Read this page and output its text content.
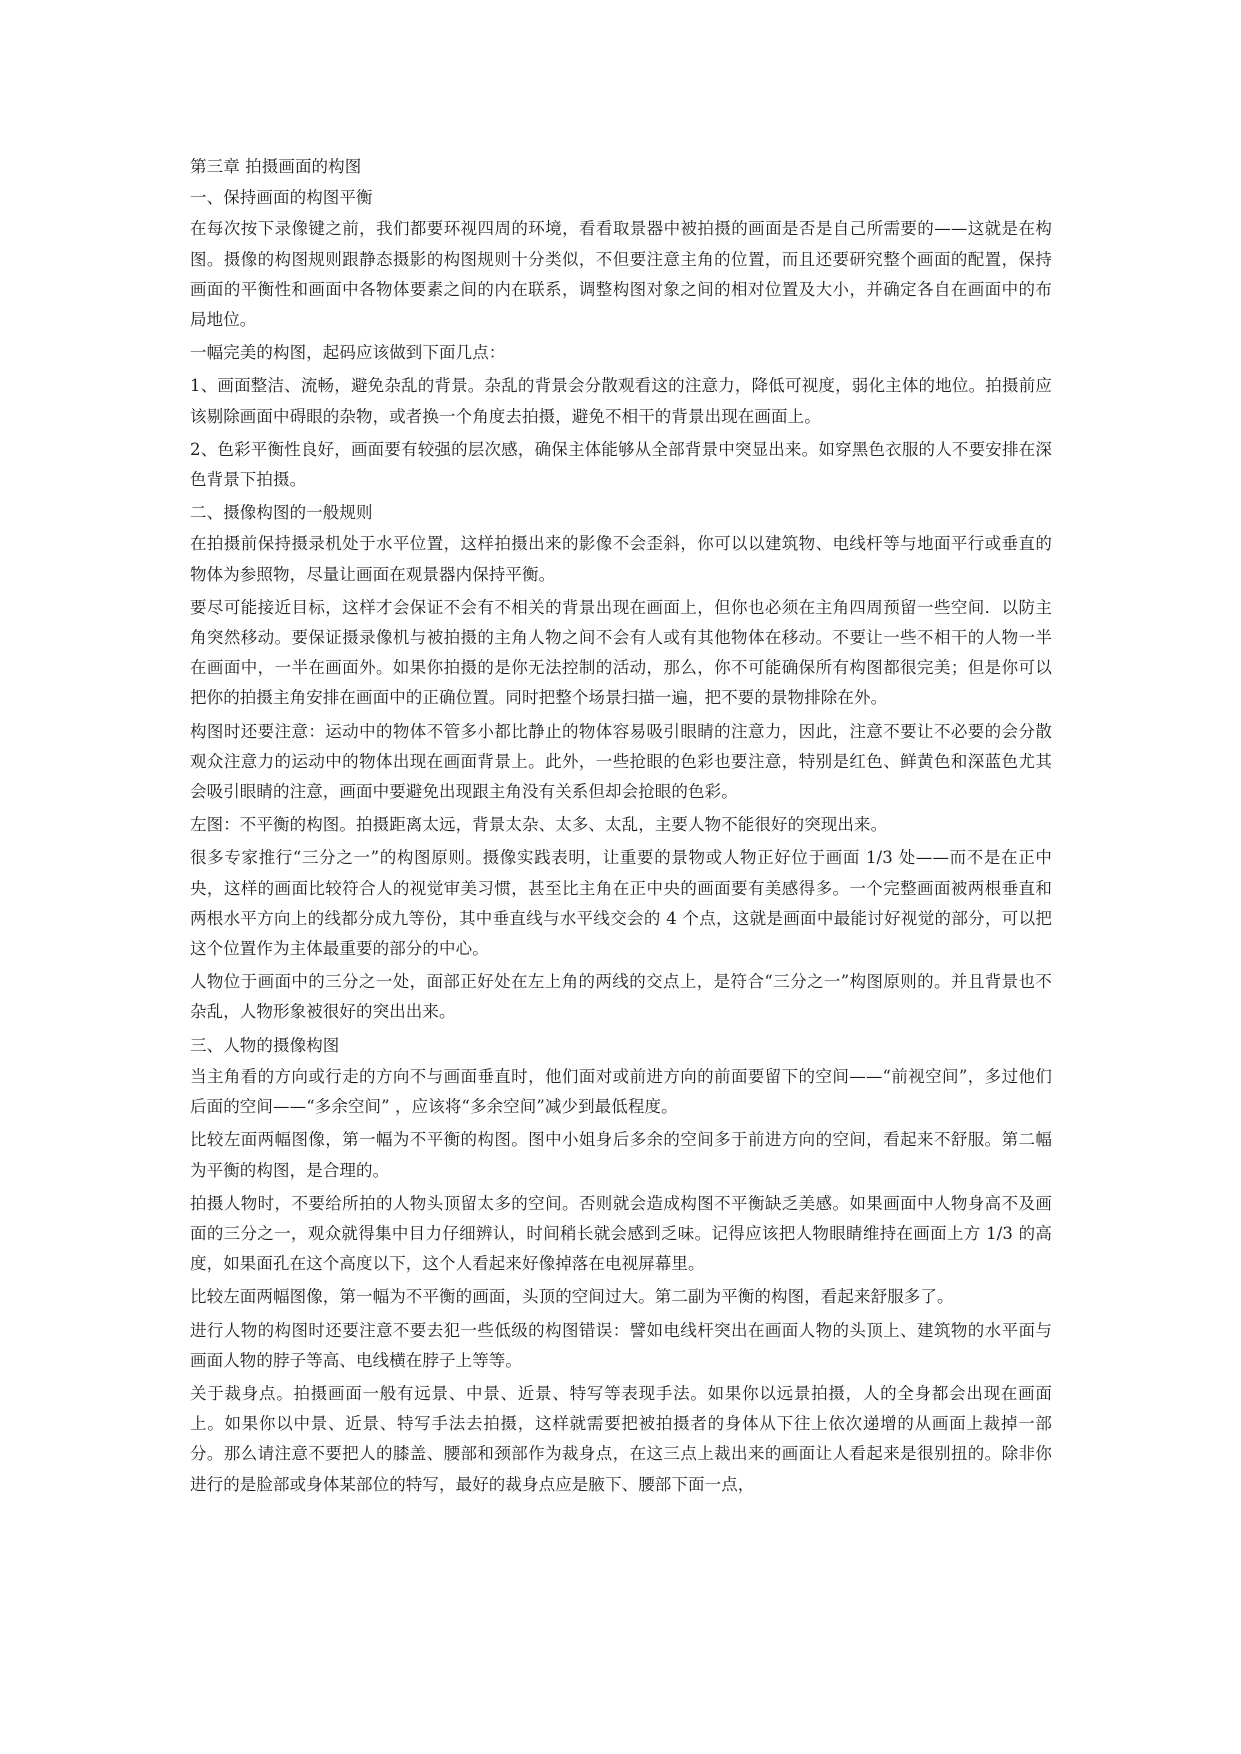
第三章 拍摄画面的构图

一、保持画面的构图平衡

在每次按下录像键之前，我们都要环视四周的环境，看看取景器中被拍摄的画面是否是自己所需要的——这就是在构图。摄像的构图规则跟静态摄影的构图规则十分类似，不但要注意主角的位置，而且还要研究整个画面的配置，保持画面的平衡性和画面中各物体要素之间的内在联系，调整构图对象之间的相对位置及大小，并确定各自在画面中的布局地位。

一幅完美的构图，起码应该做到下面几点：

1、画面整洁、流畅，避免杂乱的背景。杂乱的背景会分散观看这的注意力，降低可视度，弱化主体的地位。拍摄前应该剔除画面中碍眼的杂物，或者换一个角度去拍摄，避免不相干的背景出现在画面上。

2、色彩平衡性良好，画面要有较强的层次感，确保主体能够从全部背景中突显出来。如穿黑色衣服的人不要安排在深色背景下拍摄。

二、摄像构图的一般规则

在拍摄前保持摄录机处于水平位置，这样拍摄出来的影像不会歪斜，你可以以建筑物、电线杆等与地面平行或垂直的物体为参照物，尽量让画面在观景器内保持平衡。

要尽可能接近目标，这样才会保证不会有不相关的背景出现在画面上，但你也必须在主角四周预留一些空间．以防主角突然移动。要保证摄录像机与被拍摄的主角人物之间不会有人或有其他物体在移动。不要让一些不相干的人物一半在画面中，一半在画面外。如果你拍摄的是你无法控制的活动，那么，你不可能确保所有构图都很完美；但是你可以把你的拍摄主角安排在画面中的正确位置。同时把整个场景扫描一遍，把不要的景物排除在外。

构图时还要注意：运动中的物体不管多小都比静止的物体容易吸引眼睛的注意力，因此，注意不要让不必要的会分散观众注意力的运动中的物体出现在画面背景上。此外，一些抢眼的色彩也要注意，特别是红色、鲜黄色和深蓝色尤其会吸引眼睛的注意，画面中要避免出现跟主角没有关系但却会抢眼的色彩。

左图：不平衡的构图。拍摄距离太远，背景太杂、太多、太乱，主要人物不能很好的突现出来。

很多专家推行“三分之一”的构图原则。摄像实践表明，让重要的景物或人物正好位于画面 1/3 处——而不是在正中央，这样的画面比较符合人的视觉审美习惯，甚至比主角在正中央的画面要有美感得多。一个完整画面被两根垂直和两根水平方向上的线都分成九等份，其中垂直线与水平线交会的 4 个点，这就是画面中最能讨好视觉的部分，可以把这个位置作为主体最重要的部分的中心。

人物位于画面中的三分之一处，面部正好处在左上角的两线的交点上，是符合“三分之一”构图原则的。并且背景也不杂乱，人物形象被很好的突出出来。

三、人物的摄像构图

当主角看的方向或行走的方向不与画面垂直时，他们面对或前进方向的前面要留下的空间——“前视空间”，多过他们后面的空间——“多余空间” ，应该将“多余空间”减少到最低程度。

比较左面两幅图像，第一幅为不平衡的构图。图中小姐身后多余的空间多于前进方向的空间，看起来不舒服。第二幅为平衡的构图，是合理的。

拍摄人物时，不要给所拍的人物头顶留太多的空间。否则就会造成构图不平衡缺乏美感。如果画面中人物身高不及画面的三分之一，观众就得集中目力仔细辨认，时间稍长就会感到乏味。记得应该把人物眼睛维持在画面上方 1/3 的高度，如果面孔在这个高度以下，这个人看起来好像掉落在电视屏幕里。

比较左面两幅图像，第一幅为不平衡的画面，头顶的空间过大。第二副为平衡的构图，看起来舒服多了。

进行人物的构图时还要注意不要去犯一些低级的构图错误：譬如电线杆突出在画面人物的头顶上、建筑物的水平面与画面人物的脖子等高、电线横在脖子上等等。

关于裁身点。拍摄画面一般有远景、中景、近景、特写等表现手法。如果你以远景拍摄，人的全身都会出现在画面上。如果你以中景、近景、特写手法去拍摄，这样就需要把被拍摄者的身体从下往上依次递增的从画面上裁掉一部分。那么请注意不要把人的膝盖、腰部和颈部作为裁身点，在这三点上裁出来的画面让人看起来是很别扭的。除非你进行的是脸部或身体某部位的特写，最好的裁身点应是腋下、腰部下面一点，
